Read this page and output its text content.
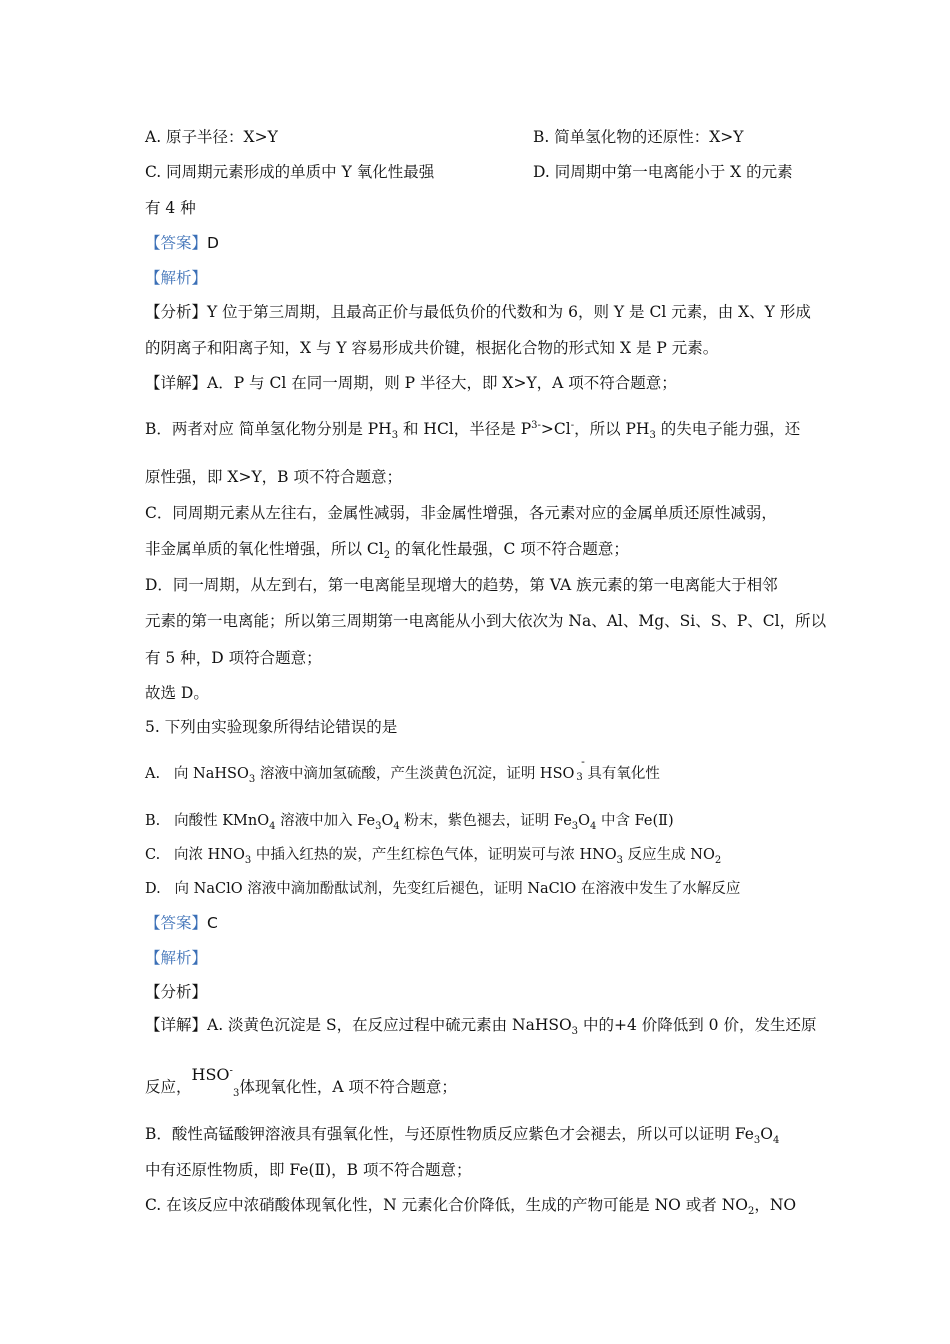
A. 原子半径：X>Y	B. 简单氢化物的还原性：X>Y
C. 同周期元素形成的单质中 Y 氧化性最强	D. 同周期中第一电离能小于 X 的元素
有 4 种
【答案】D
【解析】
【分析】Y 位于第三周期，且最高正价与最低负价的代数和为 6，则 Y 是 Cl 元素，由 X、Y 形成
的阴离子和阳离子知，X 与 Y 容易形成共价键，根据化合物的形式知 X 是 P 元素。
【详解】A．P 与 Cl 在同一周期，则 P 半径大，即 X>Y，A 项不符合题意；
B．两者对应 简单氢化物分别是 $PH_3$ 和 HCl，半径是 $P^{3-}>Cl^-$，所以 $PH_3$ 的失电子能力强，还
原性强，即 X>Y，B 项不符合题意；
C．同周期元素从左往右，金属性减弱，非金属性增强，各元素对应的金属单质还原性减弱，
非金属单质的氧化性增强，所以 $Cl_2$ 的氧化性最强，C 项不符合题意；
D．同一周期，从左到右，第一电离能呈现增大的趋势，第 VA 族元素的第一电离能大于相邻
元素的第一电离能；所以第三周期第一电离能从小到大依次为 Na、Al、Mg、Si、S、P、Cl，所以
有 5 种，D 项符合题意；
故选 D。
5. 下列由实验现象所得结论错误的是
A. 向 NaHSO$_3$ 溶液中滴加氢硫酸，产生淡黄色沉淀，证明 HSO
-
3 具有氧化性
B. 向酸性 KMnO$_4$ 溶液中加入 $Fe_3O_4$ 粉末，紫色褪去，证明 $Fe_3O_4$ 中含 Fe(Ⅱ)
C. 向浓 $HNO_3$ 中插入红热的炭，产生红棕色气体，证明炭可与浓 $HNO_3$ 反应生成 $NO_2$
D. 向 NaClO 溶液中滴加酚酞试剂，先变红后褪色，证明 NaClO 在溶液中发生了水解反应
【答案】C
【解析】
【分析】
【详解】A. 淡黄色沉淀是 S，在反应过程中硫元素由 NaHSO$_3$ 中的+4 价降低到 0 价，发生还原
反应，$HSO^-_3$体现氧化性，A 项不符合题意；
B．酸性高锰酸钾溶液具有强氧化性，与还原性物质反应紫色才会褪去，所以可以证明 $Fe_3O_4$
中有还原性物质，即 Fe(Ⅱ)，B 项不符合题意；
C. 在该反应中浓硝酸体现氧化性，N 元素化合价降低，生成的产物可能是 NO 或者 $NO_2$，NO
